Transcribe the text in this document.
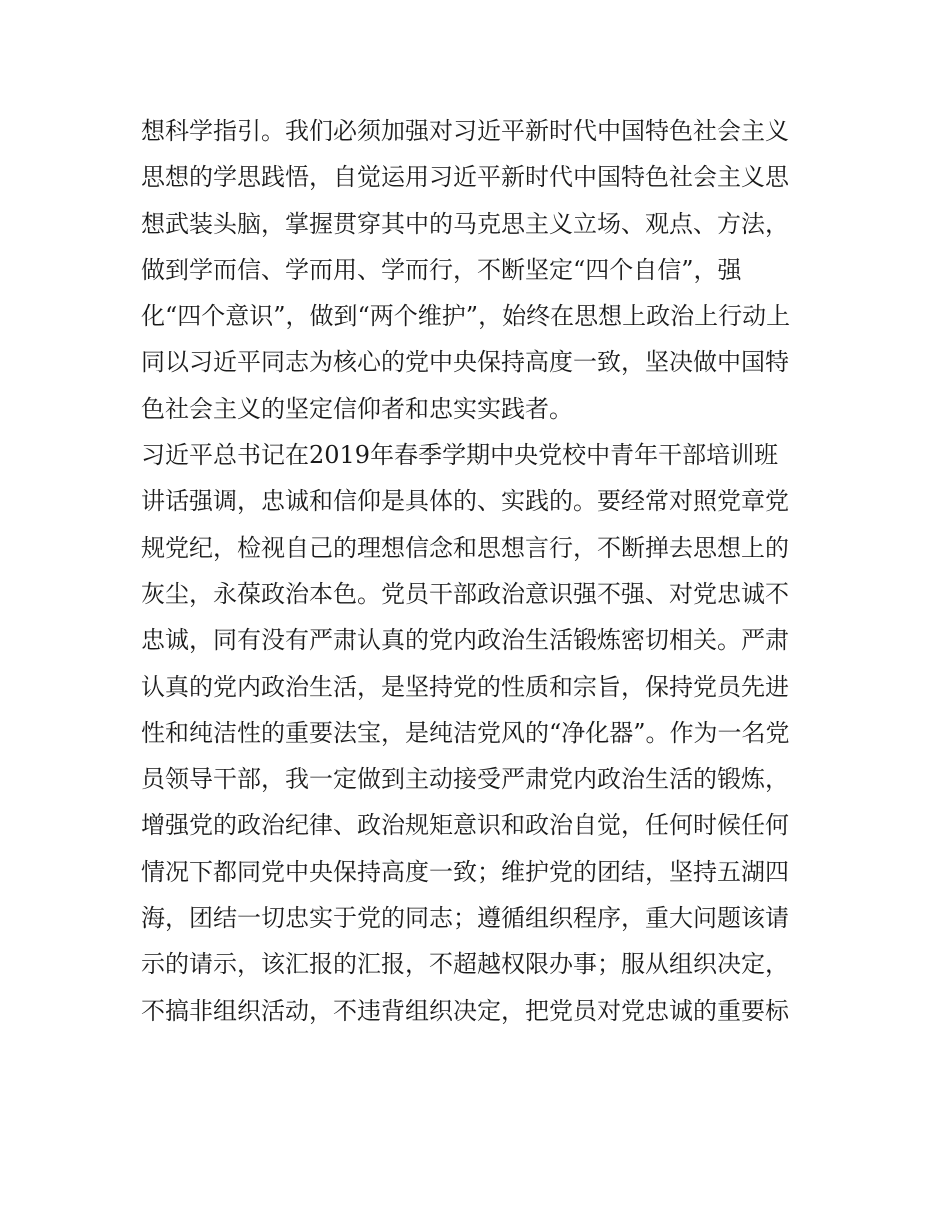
想科学指引。我们必须加强对习近平新时代中国特色社会主义
思想的学思践悟，自觉运用习近平新时代中国特色社会主义思
想武装头脑，掌握贯穿其中的马克思主义立场、观点、方法，
做到学而信、学而用、学而行，不断坚定“四个自信”，强
化“四个意识”，做到“两个维护”，始终在思想上政治上行动上
同以习近平同志为核心的党中央保持高度一致，坚决做中国特
色社会主义的坚定信仰者和忠实实践者。
习近平总书记在2019年春季学期中央党校中青年干部培训班
讲话强调，忠诚和信仰是具体的、实践的。要经常对照党章党
规党纪，检视自己的理想信念和思想言行，不断掸去思想上的
灰尘，永葆政治本色。党员干部政治意识强不强、对党忠诚不
忠诚，同有没有严肃认真的党内政治生活锻炼密切相关。严肃
认真的党内政治生活，是坚持党的性质和宗旨，保持党员先进
性和纯洁性的重要法宝，是纯洁党风的“净化器”。作为一名党
员领导干部，我一定做到主动接受严肃党内政治生活的锻炼，
增强党的政治纪律、政治规矩意识和政治自觉，任何时候任何
情况下都同党中央保持高度一致；维护党的团结，坚持五湖四
海，团结一切忠实于党的同志；遵循组织程序，重大问题该请
示的请示，该汇报的汇报，不超越权限办事；服从组织决定，
不搞非组织活动，不违背组织决定，把党员对党忠诚的重要标
